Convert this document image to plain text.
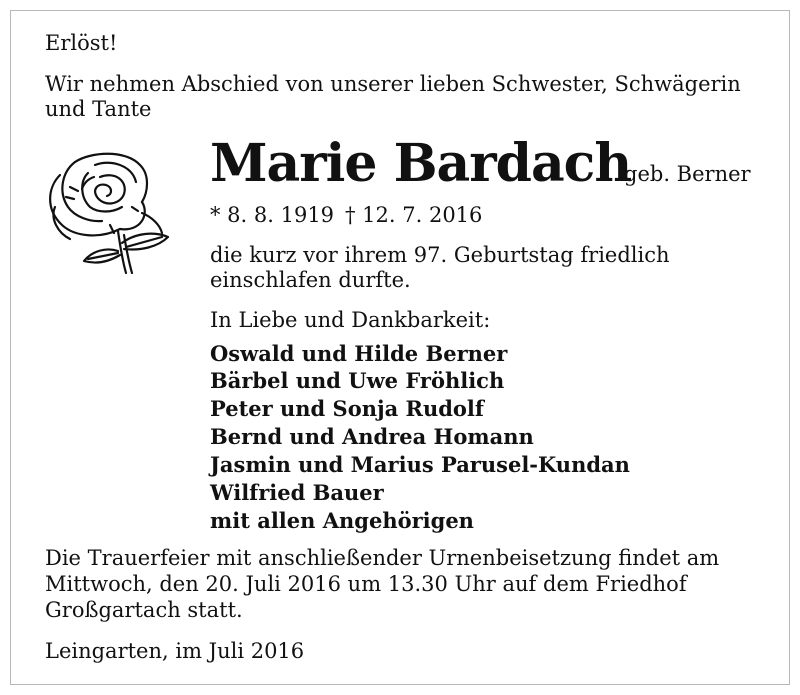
Erlöst!
Wir nehmen Abschied von unserer lieben Schwester, Schwägerin
und Tante
Marie Bardach
geb. Berner
* 8. 8. 1919 † 12. 7. 2016
die kurz vor ihrem 97. Geburtstag friedlich
einschlafen durfte.
In Liebe und Dankbarkeit:
Oswald und Hilde Berner
Bärbel und Uwe Fröhlich
Peter und Sonja Rudolf
Bernd und Andrea Homann
Jasmin und Marius Parusel-Kundan
Wilfried Bauer
mit allen Angehörigen
Die Trauerfeier mit anschließender Urnenbeisetzung findet am
Mittwoch, den 20. Juli 2016 um 13.30 Uhr auf dem Friedhof
Großgartach statt.
Leingarten, im Juli 2016
